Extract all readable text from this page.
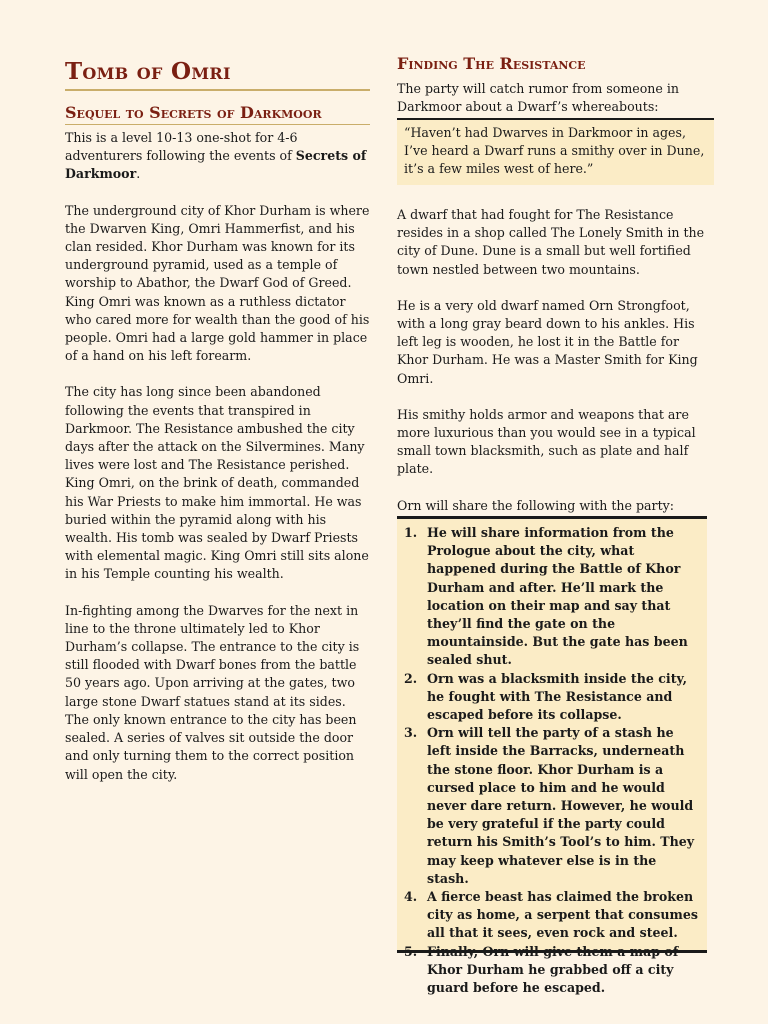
Tomb of Omri
Sequel to Secrets of Darkmoor

This is a level 10-13 one-shot for 4-6 adventurers following the events of Secrets of Darkmoor.

The underground city of Khor Durham is where the Dwarven King, Omri Hammerfist, and his clan resided. Khor Durham was known for its underground pyramid, used as a temple of worship to Abathor, the Dwarf God of Greed. King Omri was known as a ruthless dictator who cared more for wealth than the good of his people. Omri had a large gold hammer in place of a hand on his left forearm.

The city has long since been abandoned following the events that transpired in Darkmoor. The Resistance ambushed the city days after the attack on the Silvermines. Many lives were lost and The Resistance perished. King Omri, on the brink of death, commanded his War Priests to make him immortal. He was buried within the pyramid along with his wealth. His tomb was sealed by Dwarf Priests with elemental magic. King Omri still sits alone in his Temple counting his wealth.

In-fighting among the Dwarves for the next in line to the throne ultimately led to Khor Durham’s collapse. The entrance to the city is still flooded with Dwarf bones from the battle 50 years ago. Upon arriving at the gates, two large stone Dwarf statues stand at its sides. The only known entrance to the city has been sealed. A series of valves sit outside the door and only turning them to the correct position will open the city.

Finding The Resistance

The party will catch rumor from someone in Darkmoor about a Dwarf’s whereabouts:

“Haven’t had Dwarves in Darkmoor in ages, I’ve heard a Dwarf runs a smithy over in Dune, it’s a few miles west of here.”

A dwarf that had fought for The Resistance resides in a shop called The Lonely Smith in the city of Dune. Dune is a small but well fortified town nestled between two mountains.

He is a very old dwarf named Orn Strongfoot, with a long gray beard down to his ankles. His left leg is wooden, he lost it in the Battle for Khor Durham. He was a Master Smith for King Omri.

His smithy holds armor and weapons that are more luxurious than you would see in a typical small town blacksmith, such as plate and half plate.

Orn will share the following with the party:

1. He will share information from the Prologue about the city, what happened during the Battle of Khor Durham and after. He’ll mark the location on their map and say that they’ll find the gate on the mountainside. But the gate has been sealed shut.
2. Orn was a blacksmith inside the city, he fought with The Resistance and escaped before its collapse.
3. Orn will tell the party of a stash he left inside the Barracks, underneath the stone floor. Khor Durham is a cursed place to him and he would never dare return. However, he would be very grateful if the party could return his Smith’s Tool’s to him. They may keep whatever else is in the stash.
4. A fierce beast has claimed the broken city as home, a serpent that consumes all that it sees, even rock and steel.
5. Finally, Orn will give them a map of Khor Durham he grabbed off a city guard before he escaped.
